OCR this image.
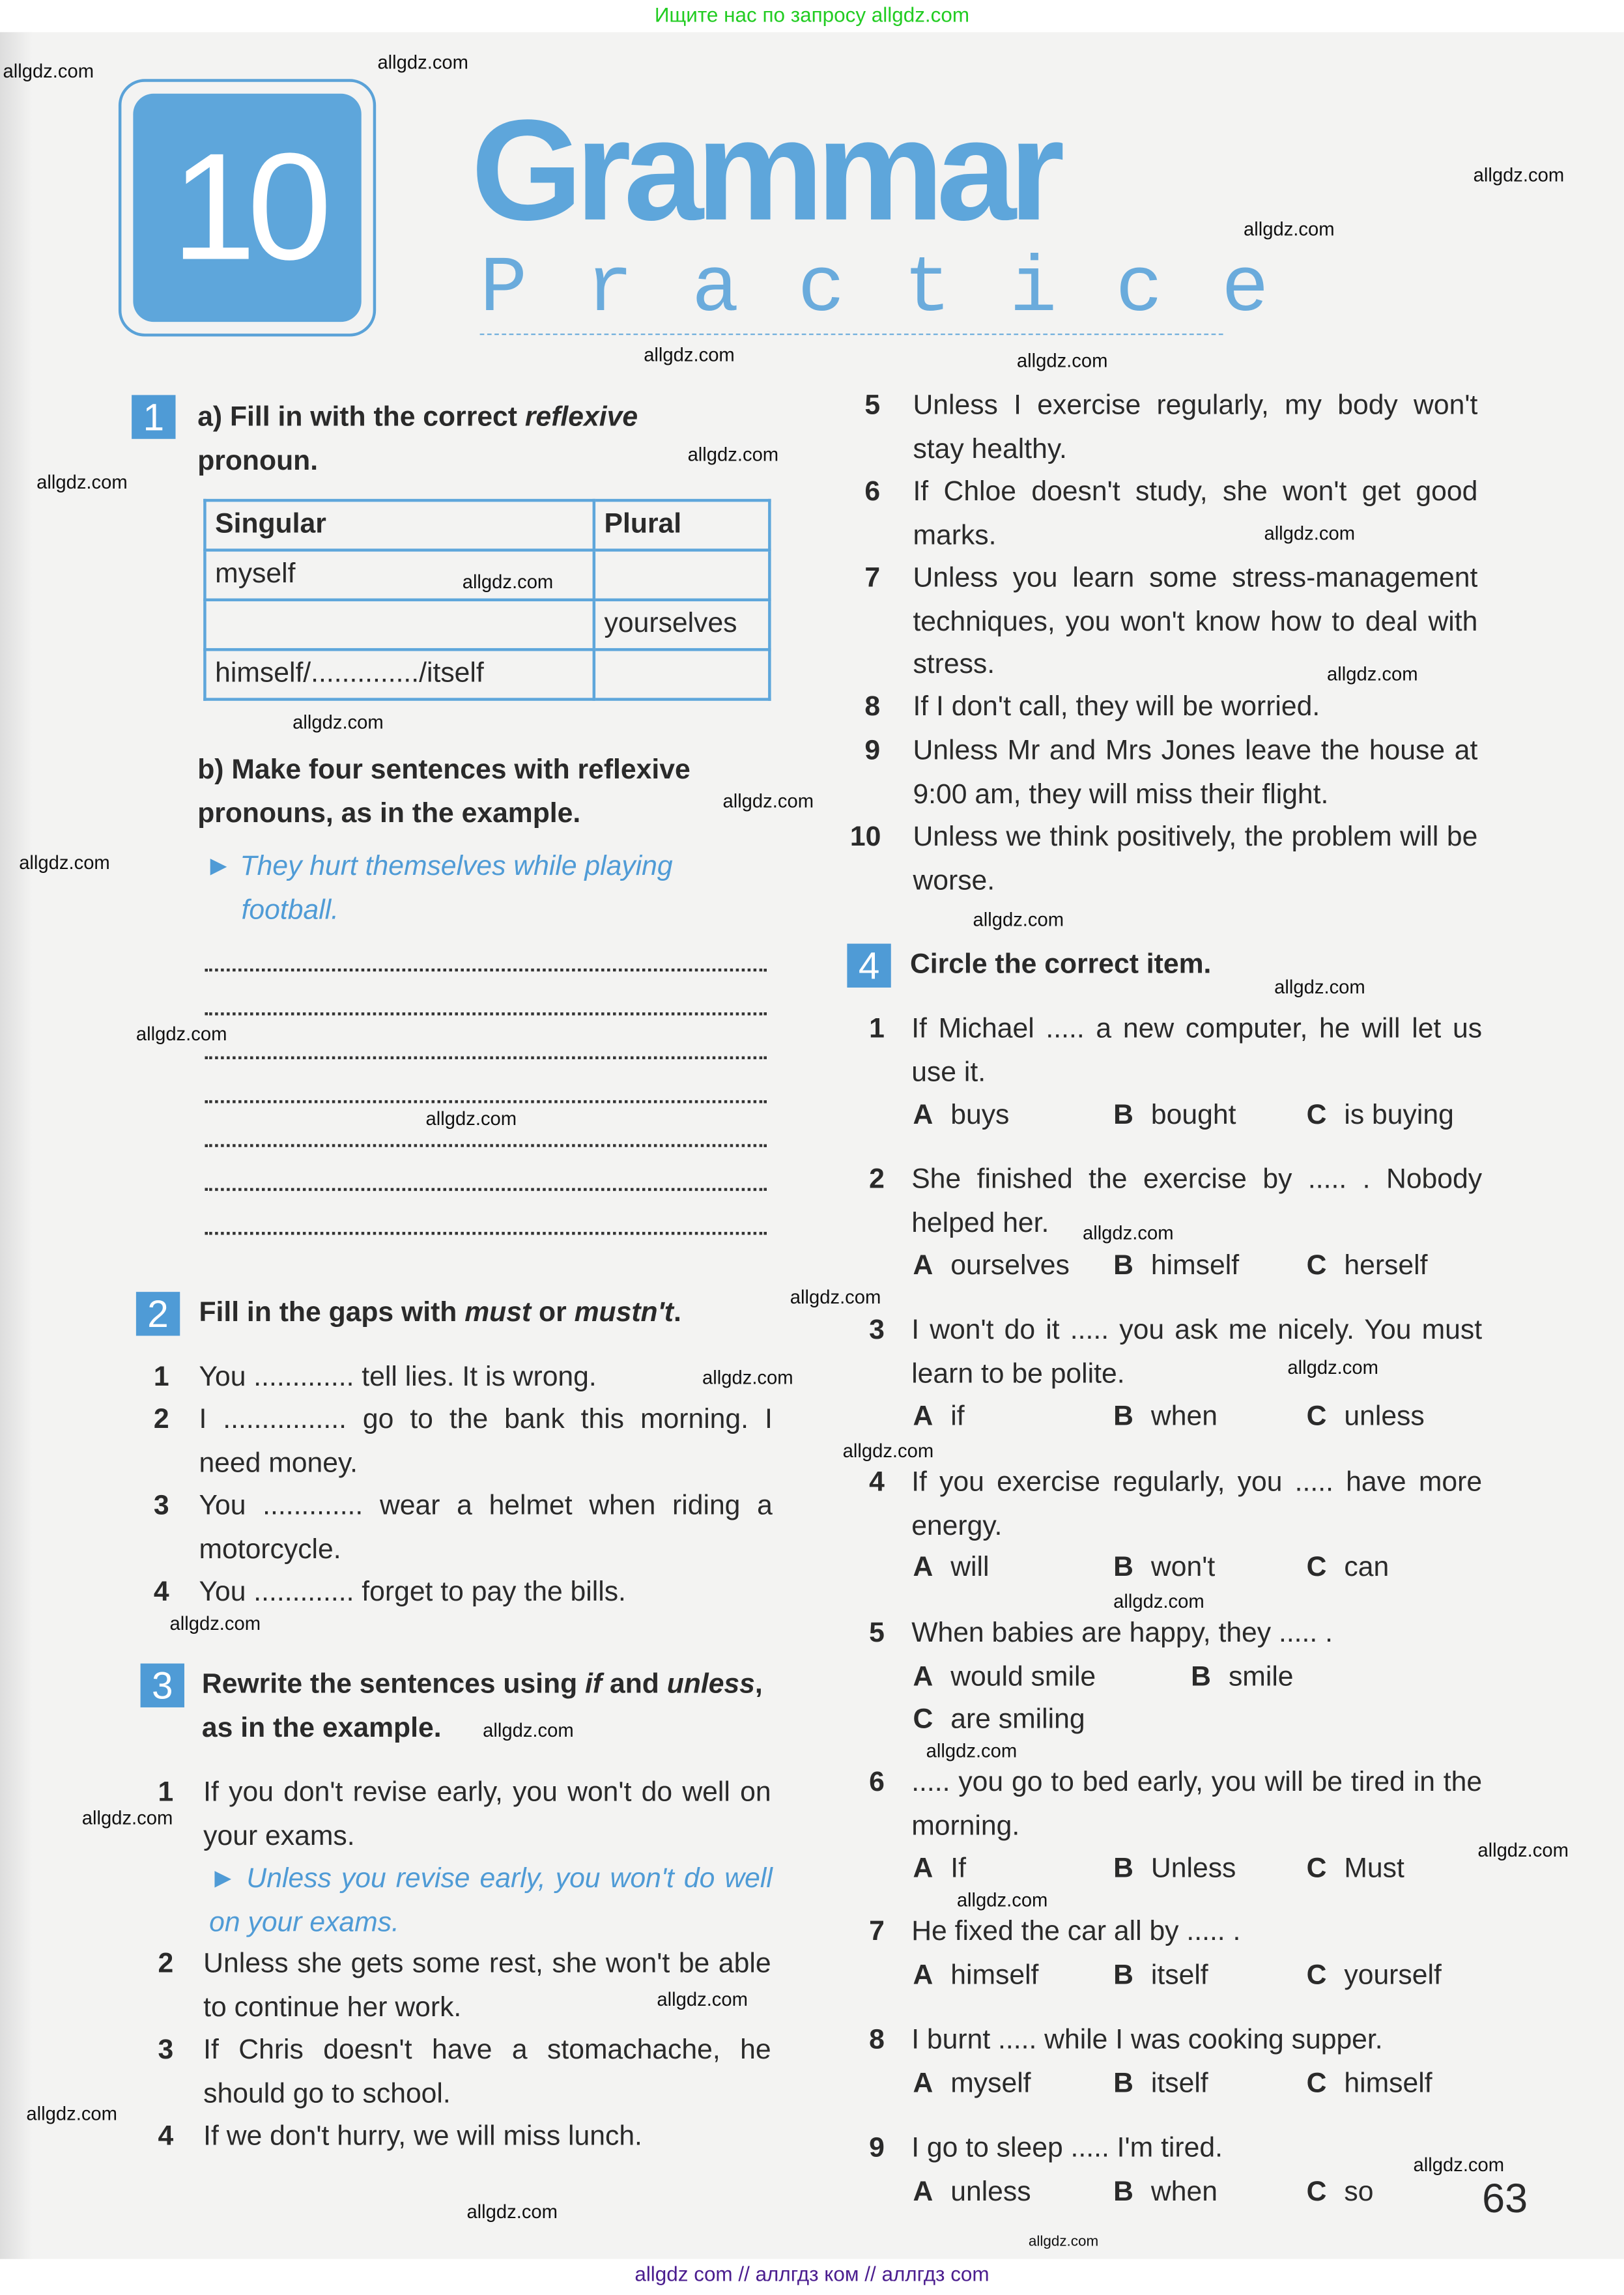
Ищите нас по запросу allgdz.com
10	Grammar
Practice
1	a) Fill in with the correct reflexive
pronoun.
Singular	Plural
myself	
	yourselves
himself/............../itself	
b) Make four sentences with reflexive
pronouns, as in the example.
► They hurt themselves while playing
football.
2	Fill in the gaps with must or mustn't.
1 You ............. tell lies. It is wrong.
2 I ................ go to the bank this morning. I need money.
3 You ............. wear a helmet when riding a motorcycle.
4 You ............. forget to pay the bills.
3	Rewrite the sentences using if and unless,
as in the example.
1 If you don't revise early, you won't do well on your exams.
► Unless you revise early, you won't do well on your exams.
2 Unless she gets some rest, she won't be able to continue her work.
3 If Chris doesn't have a stomachache, he should go to school.
4 If we don't hurry, we will miss lunch.
5	Unless I exercise regularly, my body won't stay healthy.
6	If Chloe doesn't study, she won't get good marks.
7	Unless you learn some stress-management techniques, you won't know how to deal with stress.
8	If I don't call, they will be worried.
9	Unless Mr and Mrs Jones leave the house at 9:00 am, they will miss their flight.
10	Unless we think positively, the problem will be worse.
4	Circle the correct item.
1 If Michael ..... a new computer, he will let us use it.
A buys	B bought	C is buying
2 She finished the exercise by ..... . Nobody helped her.
A ourselves	B himself	C herself
3 I won't do it ..... you ask me nicely. You must learn to be polite.
A if	B when	C unless
4 If you exercise regularly, you ..... have more energy.
A will	B won't	C can
5 When babies are happy, they ..... .
A would smile	B smile
C are smiling
6 ..... you go to bed early, you will be tired in the morning.
A If	B Unless	C Must
7 He fixed the car all by ..... .
A himself	B itself	C yourself
8 I burnt ..... while I was cooking supper.
A myself	B itself	C himself
9 I go to sleep ..... I'm tired.
A unless	B when	C so	63
allgdz.com	allgdz.com
allgdz.com
allgdz.com
allgdz.com	allgdz.com
allgdz.com
allgdz.com
allgdz.com
allgdz.com
allgdz.com
allgdz.com
allgdz.com
allgdz.com
allgdz.com
allgdz.com
allgdz.com
allgdz.com
allgdz.com
allgdz.com
allgdz.com	allgdz.com
allgdz.com
allgdz.com
allgdz.com
allgdz.com
allgdz.com
allgdz.com
allgdz.com
allgdz.com
allgdz.com
allgdz.com
allgdz.com
allgdz.com
allgdz.com
allgdz com // аллгдз ком // аллгдз com
